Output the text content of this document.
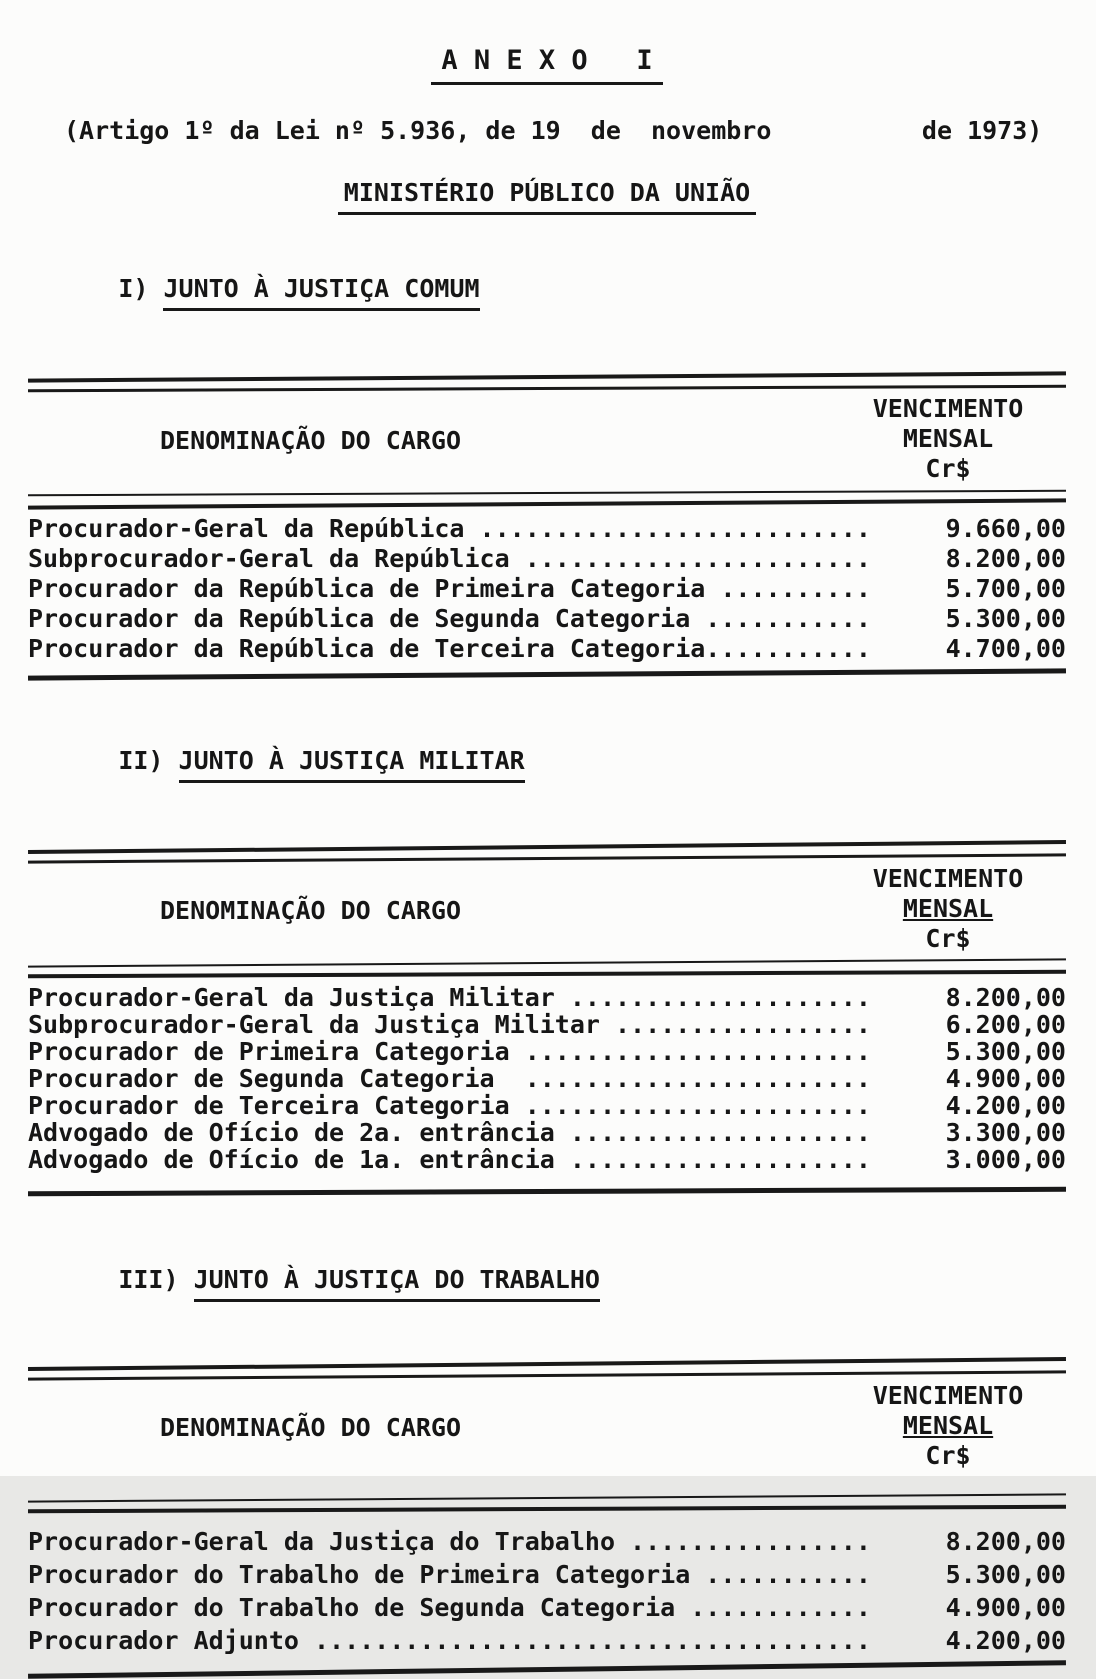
A N E X O   I
(Artigo 1º da Lei nº 5.936, de 19  de  novembro          de 1973)
MINISTÉRIO PÚBLICO DA UNIÃO

I) JUNTO À JUSTIÇA COMUM

DENOMINAÇÃO DO CARGO
VENCIMENTO
MENSAL
Cr$
Procurador-Geral da República ..........................	9.660,00
Subprocurador-Geral da República .......................	8.200,00
Procurador da República de Primeira Categoria ..........	5.700,00
Procurador da República de Segunda Categoria ...........	5.300,00
Procurador da República de Terceira Categoria...........	4.700,00

II) JUNTO À JUSTIÇA MILITAR

DENOMINAÇÃO DO CARGO
VENCIMENTO
MENSAL
Cr$
Procurador-Geral da Justiça Militar ....................	8.200,00
Subprocurador-Geral da Justiça Militar .................	6.200,00
Procurador de Primeira Categoria .......................	5.300,00
Procurador de Segunda Categoria  .......................	4.900,00
Procurador de Terceira Categoria .......................	4.200,00
Advogado de Ofício de 2a. entrância ....................	3.300,00
Advogado de Ofício de 1a. entrância ....................	3.000,00

III) JUNTO À JUSTIÇA DO TRABALHO

DENOMINAÇÃO DO CARGO
VENCIMENTO
MENSAL
Cr$
Procurador-Geral da Justiça do Trabalho ................	8.200,00
Procurador do Trabalho de Primeira Categoria ...........	5.300,00
Procurador do Trabalho de Segunda Categoria ............	4.900,00
Procurador Adjunto .....................................	4.200,00
